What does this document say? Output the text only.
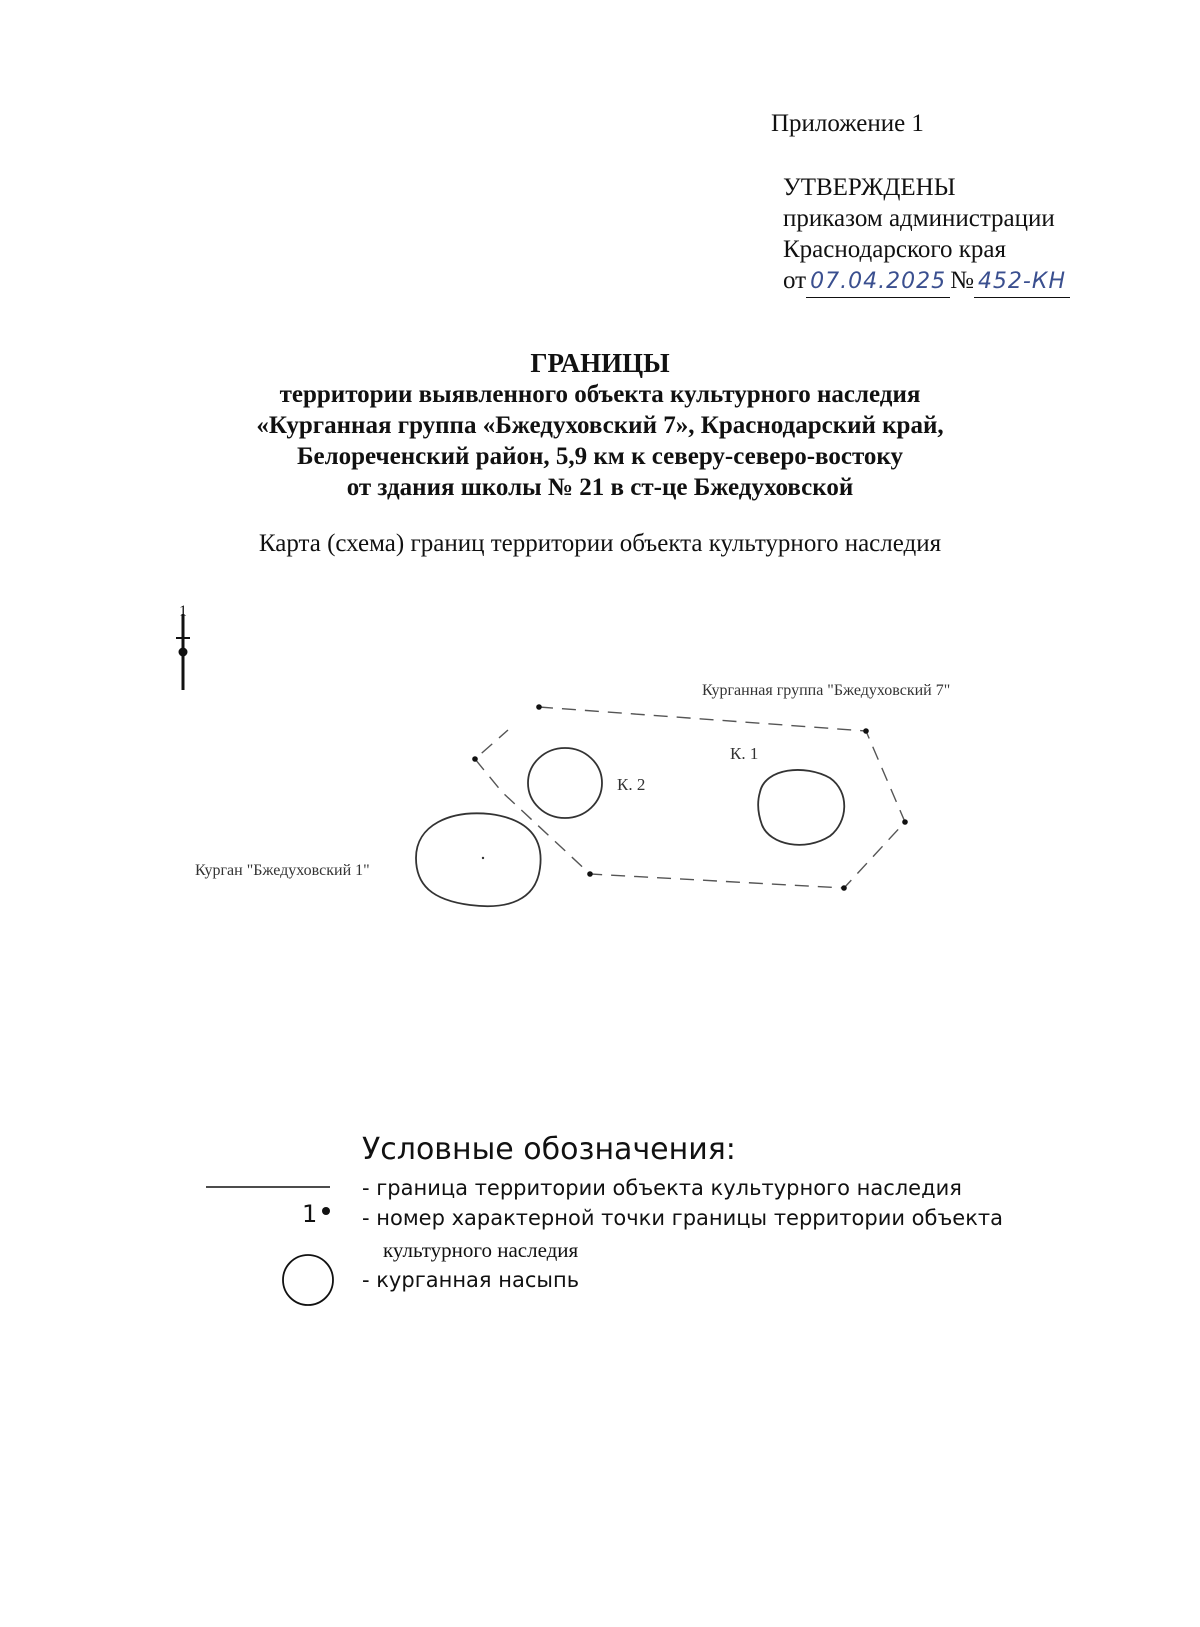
Приложение 1
УТВЕРЖДЕНЫ
приказом администрации
Краснодарского края
от 07.04.2025 № 452-КН
ГРАНИЦЫ
территории выявленного объекта культурного наследия
«Курганная группа «Бжедуховский 7», Краснодарский край,
Белореченский район, 5,9 км к северу-северо-востоку
от здания школы № 21 в ст-це Бжедуховской
Карта (схема) границ территории объекта культурного наследия
1
Курганная группа "Бжедуховский 7"
К. 1
К. 2
Курган "Бжедуховский 1"
Условные обозначения:
1
- граница территории объекта культурного наследия
- номер характерной точки границы территории объекта
культурного наследия
- курганная насыпь
